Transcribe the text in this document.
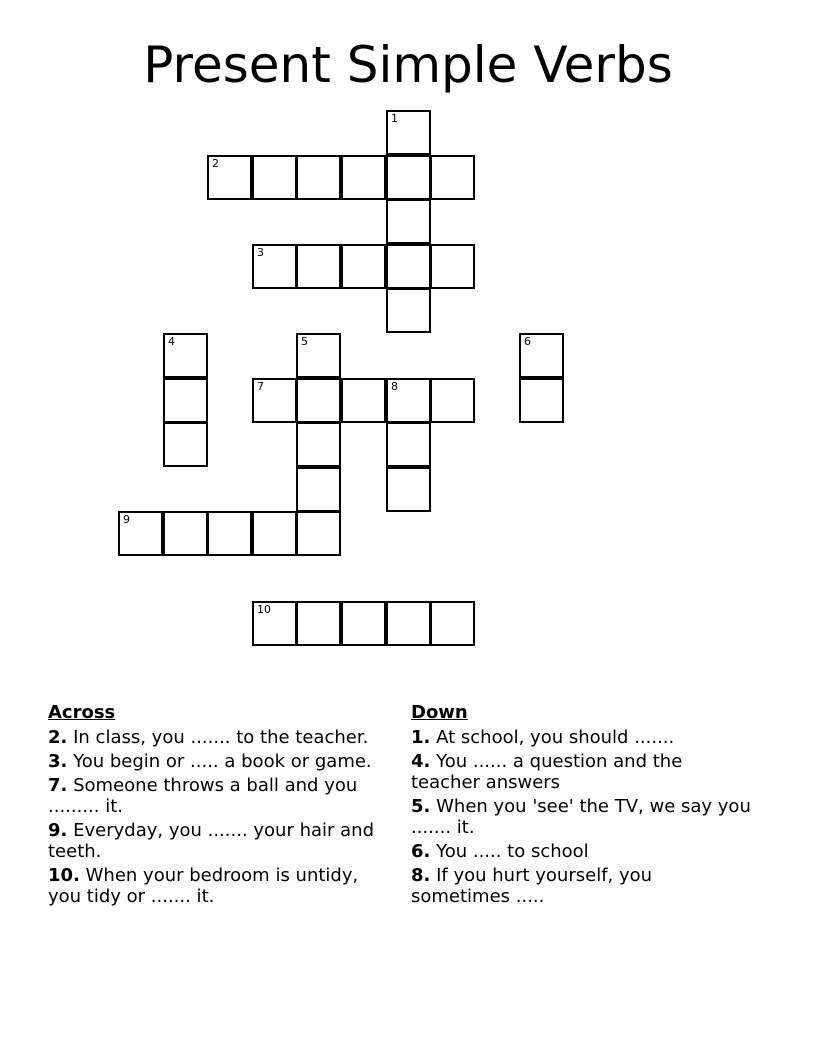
Present Simple Verbs
1
2
3
4	5	6
7	8
9
10
Across
2. In class, you ....... to the teacher.
3. You begin or ..... a book or game.
7. Someone throws a ball and you ......... it.
9. Everyday, you ....... your hair and teeth.
10. When your bedroom is untidy, you tidy or ....... it.
Down
1. At school, you should .......
4. You ...... a question and the teacher answers
5. When you 'see' the TV, we say you ....... it.
6. You ..... to school
8. If you hurt yourself, you sometimes .....
